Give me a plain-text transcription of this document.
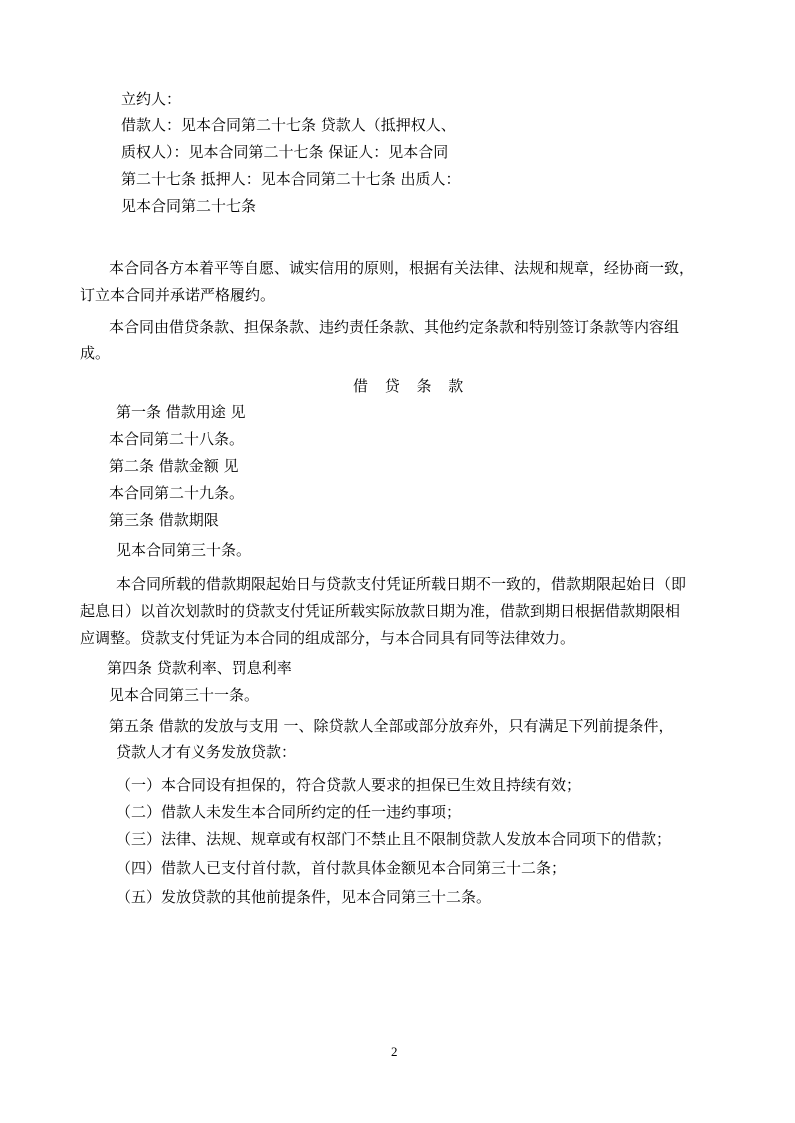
立约人：
借款人：见本合同第二十七条 贷款人（抵押权人、
质权人）：见本合同第二十七条 保证人：见本合同
第二十七条 抵押人：见本合同第二十七条 出质人：
见本合同第二十七条
本合同各方本着平等自愿、诚实信用的原则，根据有关法律、法规和规章，经协商一致，
订立本合同并承诺严格履约。
本合同由借贷条款、担保条款、违约责任条款、其他约定条款和特别签订条款等内容组
成。
借 贷 条 款
第一条 借款用途 见
本合同第二十八条。
第二条 借款金额 见
本合同第二十九条。
第三条 借款期限
见本合同第三十条。
本合同所载的借款期限起始日与贷款支付凭证所载日期不一致的，借款期限起始日（即
起息日）以首次划款时的贷款支付凭证所载实际放款日期为准，借款到期日根据借款期限相
应调整。贷款支付凭证为本合同的组成部分，与本合同具有同等法律效力。
第四条 贷款利率、罚息利率
见本合同第三十一条。
第五条 借款的发放与支用 一、除贷款人全部或部分放弃外，只有满足下列前提条件，
贷款人才有义务发放贷款：
（一）本合同设有担保的，符合贷款人要求的担保已生效且持续有效；
（二）借款人未发生本合同所约定的任一违约事项；
（三）法律、法规、规章或有权部门不禁止且不限制贷款人发放本合同项下的借款；
（四）借款人已支付首付款，首付款具体金额见本合同第三十二条；
（五）发放贷款的其他前提条件，见本合同第三十二条。
2
